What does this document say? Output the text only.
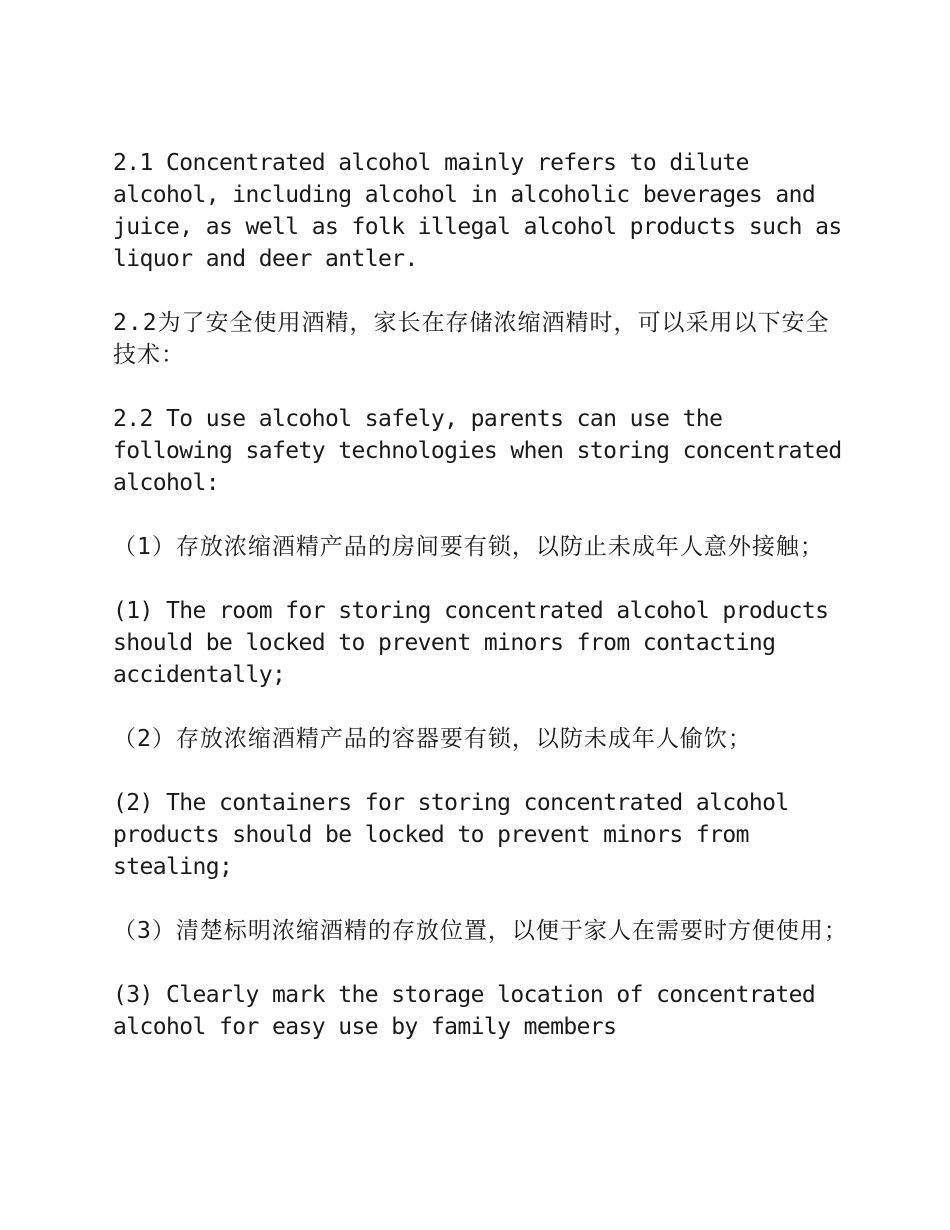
2.1 Concentrated alcohol mainly refers to dilute alcohol, including alcohol in alcoholic beverages and juice, as well as folk illegal alcohol products such as liquor and deer antler.

2.2为了安全使用酒精，家长在存储浓缩酒精时，可以采用以下安全技术：

2.2 To use alcohol safely, parents can use the following safety technologies when storing concentrated alcohol:

（1）存放浓缩酒精产品的房间要有锁，以防止未成年人意外接触；

(1) The room for storing concentrated alcohol products should be locked to prevent minors from contacting accidentally;

（2）存放浓缩酒精产品的容器要有锁，以防未成年人偷饮；

(2) The containers for storing concentrated alcohol products should be locked to prevent minors from stealing;

（3）清楚标明浓缩酒精的存放位置，以便于家人在需要时方便使用；

(3) Clearly mark the storage location of concentrated alcohol for easy use by family members
